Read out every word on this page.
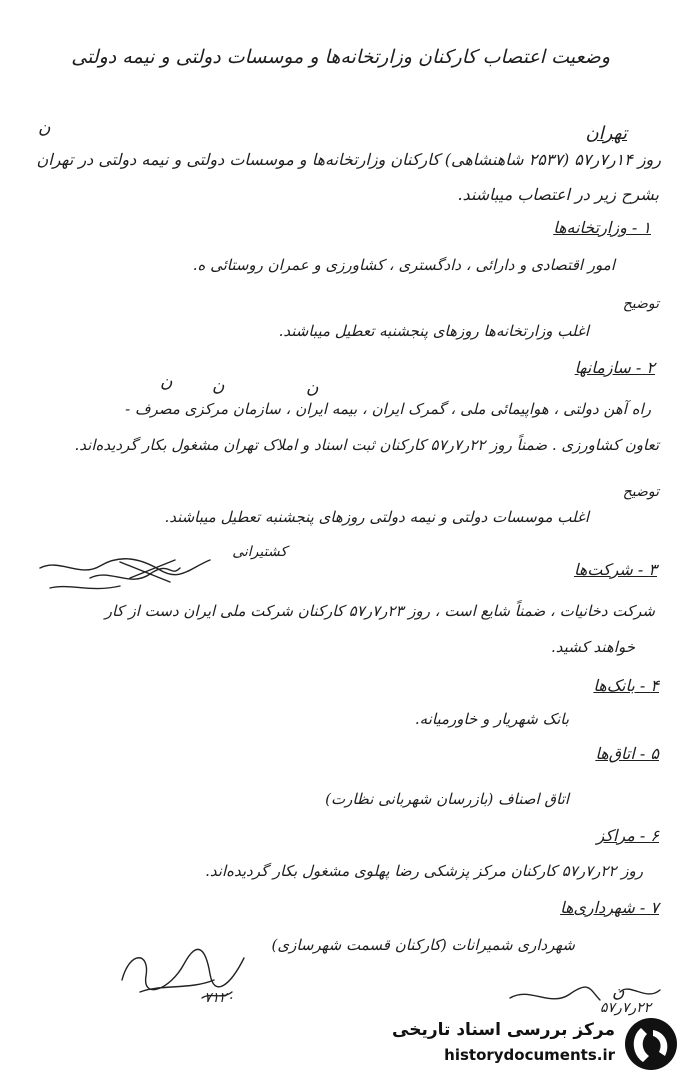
وضعیت اعتصاب کارکنان وزارتخانه‌ها و موسسات دولتی و نیمه دولتی
تهران
ن
روز ۱۴ر۷ر۵۷ (۲۵۳۷ شاهنشاهی) کارکنان وزارتخانه‌ها و موسسات دولتی و نیمه دولتی در تهران
بشرح زیر در اعتصاب میباشند.
۱ - وزارتخانه‌ها
امور اقتصادی و دارائی ، دادگستری ، کشاورزی و عمران روستائی ه.
توضیح
اغلب وزارتخانه‌ها روزهای پنجشنبه تعطیل میباشند.
۲ - سازمانها
ن ن	ن
راه آهن دولتی ، هواپیمائی ملی ، گمرک ایران ، بیمه ایران ، سازمان مرکزی مصرف -
تعاون کشاورزی . ضمناً روز ۲۲ر۷ر۵۷ کارکنان ثبت اسناد و املاک تهران مشغول بکار گردیده‌اند.
توضیح
اغلب موسسات دولتی و نیمه دولتی روزهای پنجشنبه تعطیل میباشند.
کشتیرانی
۳ - شرکت‌ها
شرکت دخانیات ، ضمناً شایع است ، روز ۲۳ر۷ر۵۷ کارکنان شرکت ملی ایران دست از کار
خواهند کشید.
۴ - بانک‌ها
بانک شهریار و خاورمیانه.
۵ - اتاق‌ها
اتاق اصناف (بازرسان شهربانی نظارت)
۶ - مراکز
روز ۲۲ر۷ر۵۷ کارکنان مرکز پزشکی رضا پهلوی مشغول بکار گردیده‌اند.
۷ - شهرداری‌ها
شهرداری شمیرانات (کارکنان قسمت شهرسازی)
۷۱۲۰
۲۲ر۷ر۵۷
ن
مرکز بررسی اسناد تاریخی
historydocuments.ir
